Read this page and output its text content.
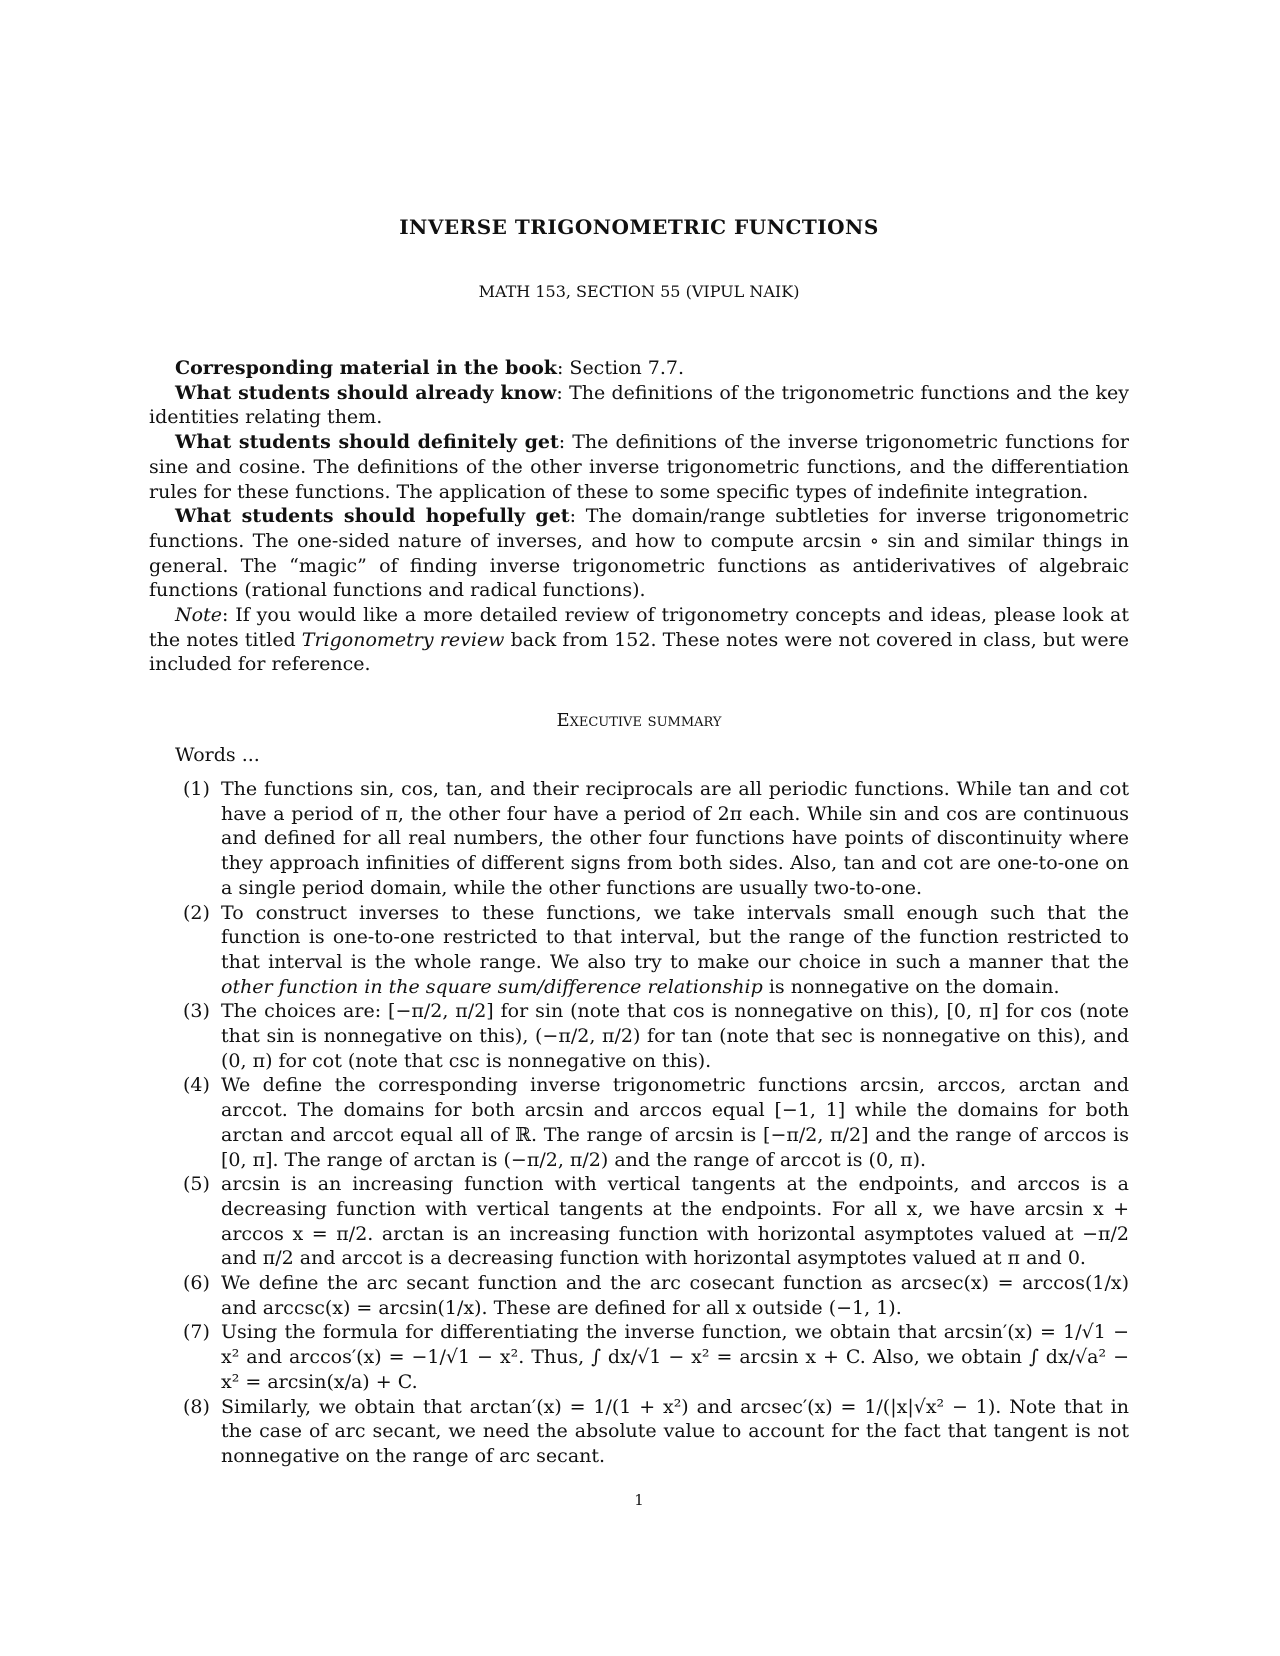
INVERSE TRIGONOMETRIC FUNCTIONS
MATH 153, SECTION 55 (VIPUL NAIK)

Corresponding material in the book: Section 7.7.

What students should already know: The definitions of the trigonometric functions and the key identities relating them.

What students should definitely get: The definitions of the inverse trigonometric functions for sine and cosine. The definitions of the other inverse trigonometric functions, and the differentiation rules for these functions. The application of these to some specific types of indefinite integration.

What students should hopefully get: The domain/range subtleties for inverse trigonometric functions. The one-sided nature of inverses, and how to compute arcsin ∘ sin and similar things in general. The “magic” of finding inverse trigonometric functions as antiderivatives of algebraic functions (rational functions and radical functions).

Note: If you would like a more detailed review of trigonometry concepts and ideas, please look at the notes titled Trigonometry review back from 152. These notes were not covered in class, but were included for reference.

Executive summary
Words ...
(1) The functions sin, cos, tan, and their reciprocals are all periodic functions. While tan and cot have a period of π, the other four have a period of 2π each. While sin and cos are continuous and defined for all real numbers, the other four functions have points of discontinuity where they approach infinities of different signs from both sides. Also, tan and cot are one-to-one on a single period domain, while the other functions are usually two-to-one.
(2) To construct inverses to these functions, we take intervals small enough such that the function is one-to-one restricted to that interval, but the range of the function restricted to that interval is the whole range. We also try to make our choice in such a manner that the other function in the square sum/difference relationship is nonnegative on the domain.
(3) The choices are: [−π/2, π/2] for sin (note that cos is nonnegative on this), [0, π] for cos (note that sin is nonnegative on this), (−π/2, π/2) for tan (note that sec is nonnegative on this), and (0, π) for cot (note that csc is nonnegative on this).
(4) We define the corresponding inverse trigonometric functions arcsin, arccos, arctan and arccot. The domains for both arcsin and arccos equal [−1, 1] while the domains for both arctan and arccot equal all of ℝ. The range of arcsin is [−π/2, π/2] and the range of arccos is [0, π]. The range of arctan is (−π/2, π/2) and the range of arccot is (0, π).
(5) arcsin is an increasing function with vertical tangents at the endpoints, and arccos is a decreasing function with vertical tangents at the endpoints. For all x, we have arcsin x + arccos x = π/2. arctan is an increasing function with horizontal asymptotes valued at −π/2 and π/2 and arccot is a decreasing function with horizontal asymptotes valued at π and 0.
(6) We define the arc secant function and the arc cosecant function as arcsec(x) = arccos(1/x) and arccsc(x) = arcsin(1/x). These are defined for all x outside (−1, 1).
(7) Using the formula for differentiating the inverse function, we obtain that arcsin′(x) = 1/√1 − x² and arccos′(x) = −1/√1 − x². Thus, ∫ dx/√1 − x² = arcsin x + C. Also, we obtain ∫ dx/√a² − x² = arcsin(x/a) + C.
(8) Similarly, we obtain that arctan′(x) = 1/(1 + x²) and arcsec′(x) = 1/(|x|√x² − 1). Note that in the case of arc secant, we need the absolute value to account for the fact that tangent is not nonnegative on the range of arc secant.
1
